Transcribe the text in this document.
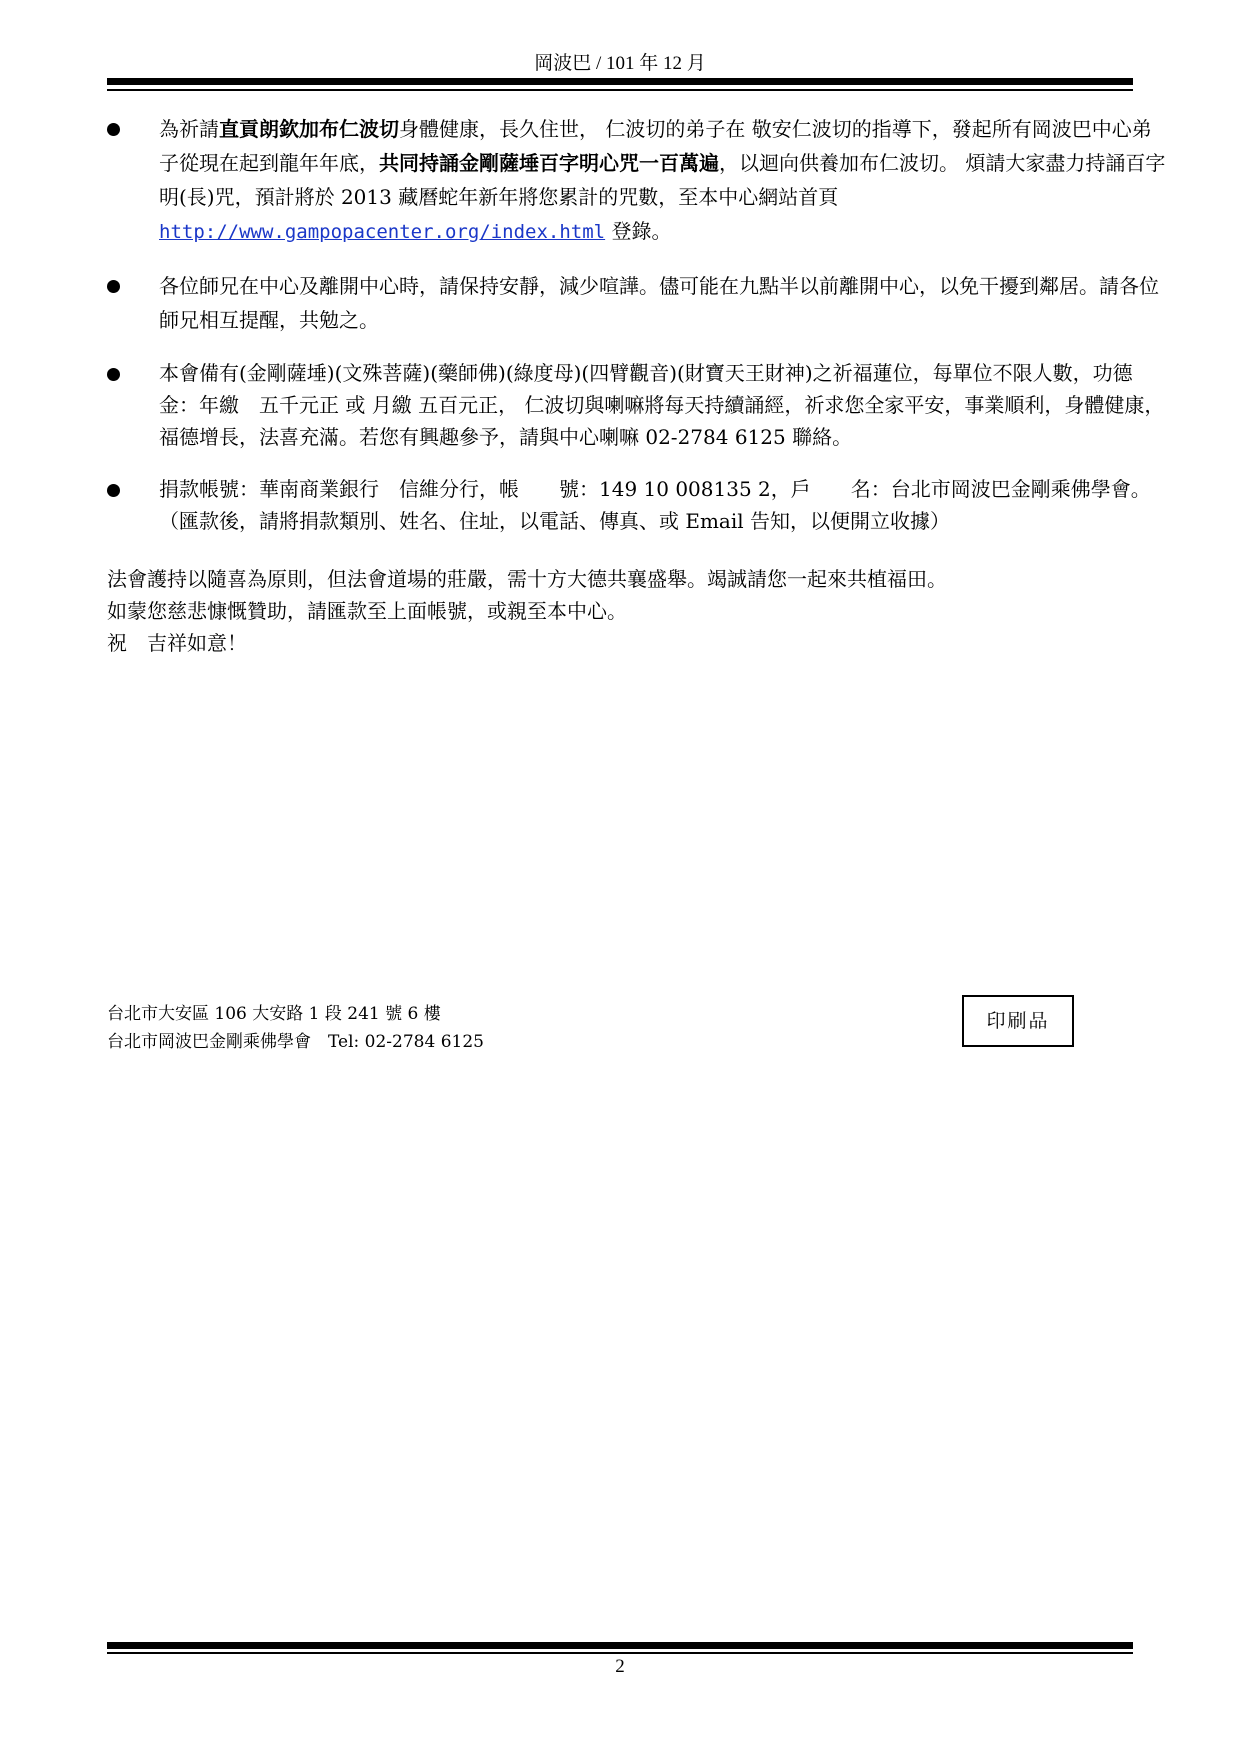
岡波巴 / 101 年 12 月
為祈請直貢朗欽加布仁波切身體健康，長久住世， 仁波切的弟子在 敬安仁波切的指導下，發起所有岡波巴中心弟子從現在起到龍年年底，共同持誦金剛薩埵百字明心咒一百萬遍，以迴向供養加布仁波切。 煩請大家盡力持誦百字明(長)咒，預計將於 2013 藏曆蛇年新年將您累計的咒數，至本中心網站首頁 http://www.gampopacenter.org/index.html 登錄。
各位師兄在中心及離開中心時，請保持安靜，減少喧譁。儘可能在九點半以前離開中心，以免干擾到鄰居。請各位師兄相互提醒，共勉之。
本會備有(金剛薩埵)(文殊菩薩)(藥師佛)(綠度母)(四臂觀音)(財寶天王財神)之祈福蓮位，每單位不限人數，功德金：年繳　五千元正 或 月繳 五百元正， 仁波切與喇嘛將每天持續誦經，祈求您全家平安，事業順利，身體健康，福德增長，法喜充滿。若您有興趣參予，請與中心喇嘛 02-2784 6125 聯絡。
捐款帳號：華南商業銀行　信維分行，帳　　號：149 10 008135 2，戶　　名：台北市岡波巴金剛乘佛學會。（匯款後，請將捐款類別、姓名、住址，以電話、傳真、或 Email 告知，以便開立收據）
法會護持以隨喜為原則，但法會道場的莊嚴，需十方大德共襄盛舉。竭誠請您一起來共植福田。
如蒙您慈悲慷慨贊助，請匯款至上面帳號，或親至本中心。
祝　吉祥如意！
台北市大安區 106 大安路 1 段 241 號 6 樓
台北市岡波巴金剛乘佛學會　Tel: 02-2784 6125
印刷品
2
